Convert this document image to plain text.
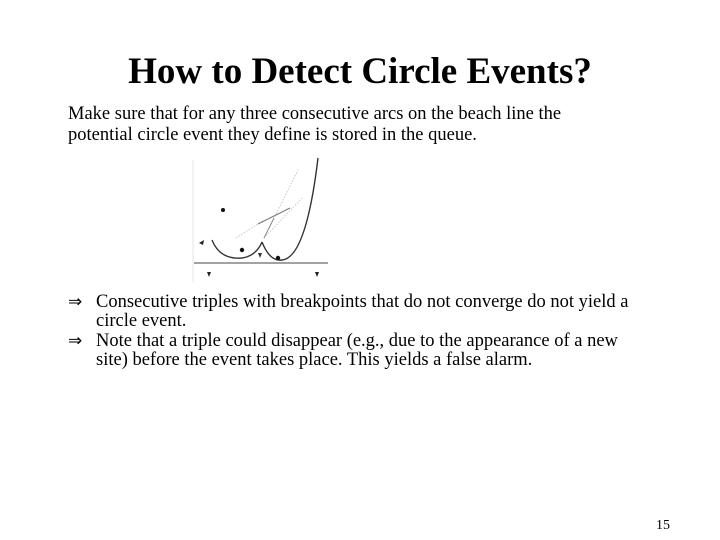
How to Detect Circle Events?
Make sure that for any three consecutive arcs on the beach line the
potential circle event they define is stored in the queue.
⇒ Consecutive triples with breakpoints that do not converge do not yield a
circle event.
⇒ Note that a triple could disappear (e.g., due to the appearance of a new
site) before the event takes place. This yields a false alarm.
15
